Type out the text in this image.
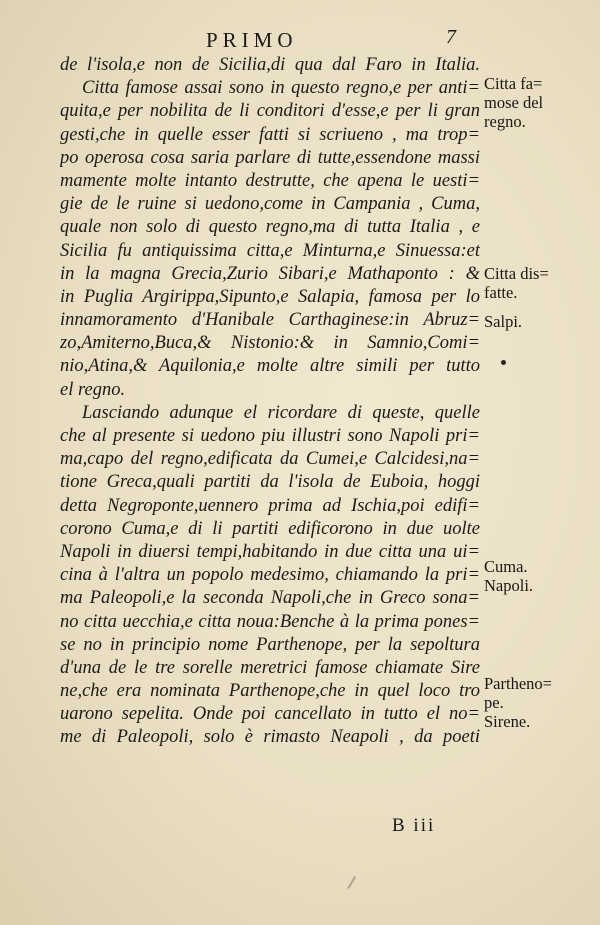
PRIMO	7
de l'isola,e non de Sicilia,di qua dal Faro in Italia.
Citta famose assai sono in questo regno,e per anti=
quita,e per nobilita de li conditori d'esse,e per li gran
gesti,che in quelle esser fatti si scriueno , ma trop=
po operosa cosa saria parlare di tutte,essendone massi
mamente molte intanto destrutte, che apena le uesti=
gie de le ruine si uedono,come in Campania , Cuma,
quale non solo di questo regno,ma di tutta Italia , e
Sicilia fu antiquissima citta,e Minturna,e Sinuessa:et
in la magna Grecia,Zurio Sibari,e Mathaponto : &
in Puglia Argirippa,Sipunto,e Salapia, famosa per lo
innamoramento d'Hanibale Carthaginese:in Abruz=
zo,Amiterno,Buca,& Nistonio:& in Samnio,Comi=
nio,Atina,& Aquilonia,e molte altre simili per tutto
el regno.
Lasciando adunque el ricordare di queste, quelle
che al presente si uedono piu illustri sono Napoli pri=
ma,capo del regno,edificata da Cumei,e Calcidesi,na=
tione Greca,quali partiti da l'isola de Euboia, hoggi
detta Negroponte,uennero prima ad Ischia,poi edifi=
corono Cuma,e di li partiti edificorono in due uolte
Napoli in diuersi tempi,habitando in due citta una ui=
cina à l'altra un popolo medesimo, chiamando la pri=
ma Paleopoli,e la seconda Napoli,che in Greco sona=
no citta uecchia,e citta noua:Benche à la prima pones=
se no in principio nome Parthenope, per la sepoltura
d'una de le tre sorelle meretrici famose chiamate Sire
ne,che era nominata Parthenope,che in quel loco tro
uarono sepelita. Onde poi cancellato in tutto el no=
me di Paleopoli, solo è rimasto Neapoli , da poeti
Citta fa=
mose del
regno.
Citta dis=
fatte.
Salpi.
Cuma.
Napoli.
Partheno=
pe.
Sirene.
B iii
